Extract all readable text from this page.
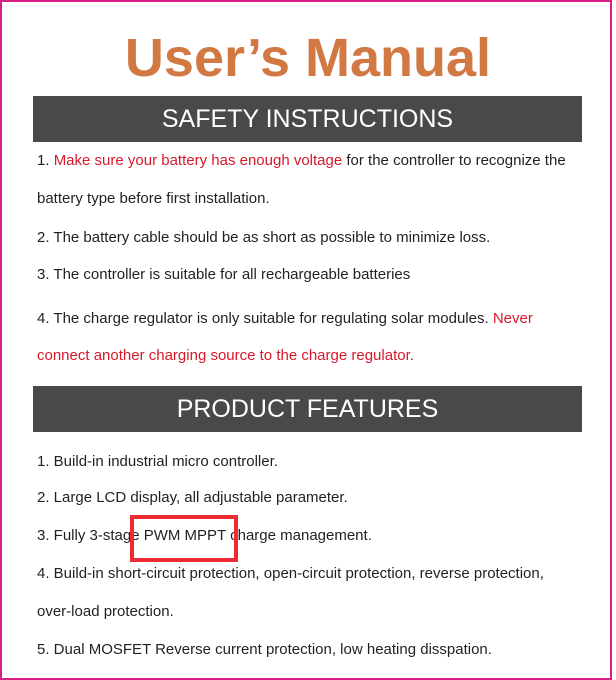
User’s Manual
SAFETY INSTRUCTIONS
1. Make sure your battery has enough voltage for the controller to recognize the
battery type before first installation.
2. The battery cable should be as short as possible to minimize loss.
3. The controller is suitable for all rechargeable batteries
4. The charge regulator is only suitable for regulating solar modules. Never
connect another charging source to the charge regulator.
PRODUCT FEATURES
1. Build-in industrial micro controller.
2. Large LCD display, all adjustable parameter.
3. Fully 3-stage PWM MPPT charge management.
4. Build-in short-circuit protection, open-circuit protection, reverse protection,
over-load protection.
5. Dual MOSFET Reverse current protection, low heating disspation.
